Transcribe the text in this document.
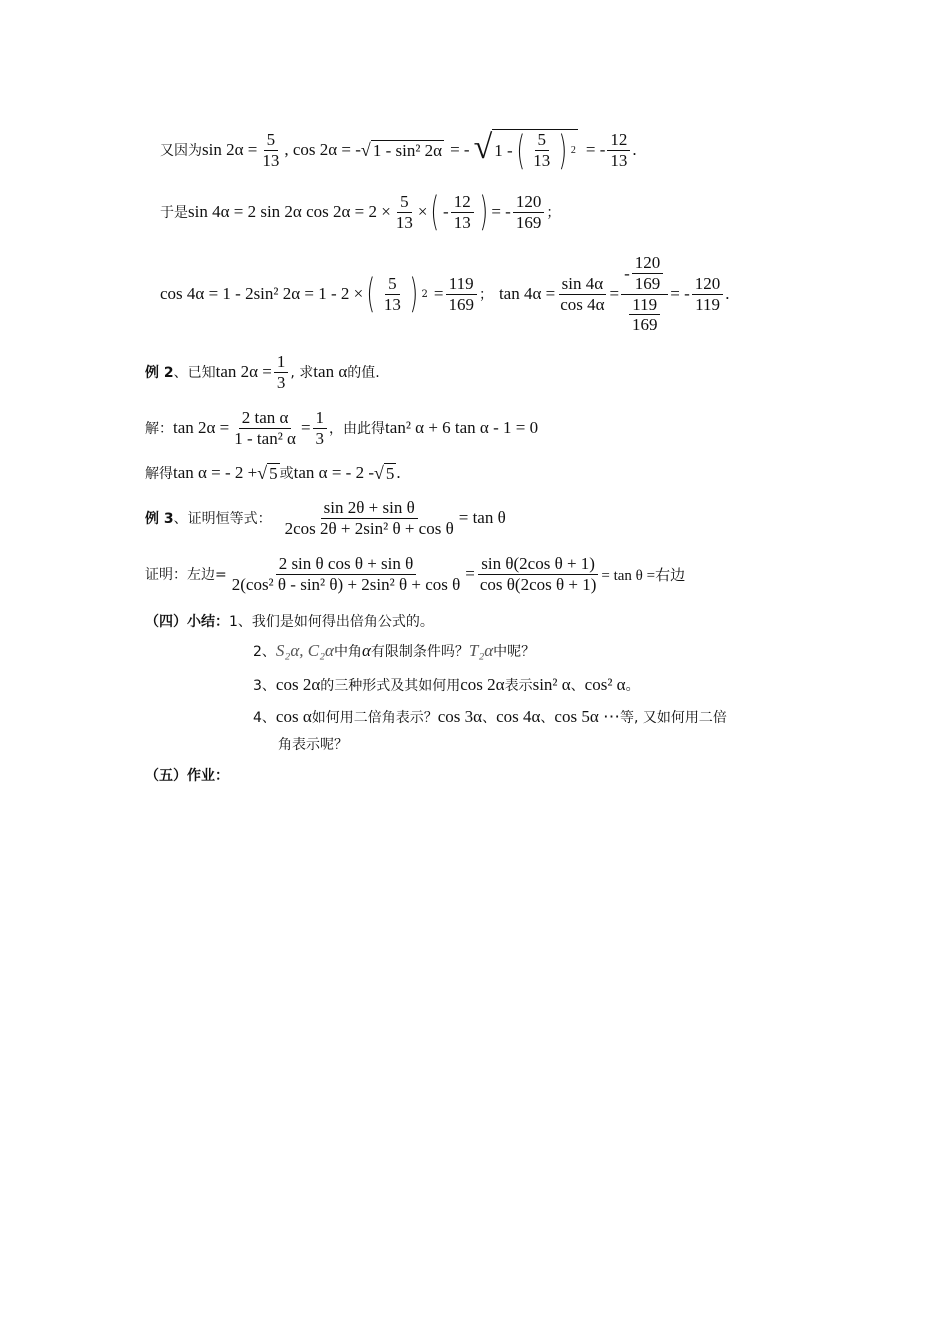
又因为 $\sin 2\alpha = \frac{5}{13}$ , cos 2α = - √ 1 - sin² 2α = - √ 1 - ( $\frac{5}{13}$ ) 2 = - $\frac{12}{13}$ .
于是 sin 4α = 2 sin 2α $\cos 2\alpha = 2 \times \frac{5}{13}$ × ( - $\frac{12}{13}$ ) = - $\frac{120}{169}$ ；
cos 4α = 1 - 2sin² 2α = 1 - 2 × ( $\frac{5}{13}$ ) $2 = \frac{119}{169}$ ； $\tan 4\alpha = \frac{\sin 4\alpha}{\cos 4\alpha} = \frac{- \frac{120}{169}}{\frac{119}{169}}$ = - $\frac{120}{119}$ .
例 2 、已知 $\tan 2\alpha = \frac{1}{3}$ , 求 tan α 的值.
解： $\tan 2\alpha = \frac{\text{2 tan α}}{\text{1 - tan² α}} = \frac{1}{3}$ ，由此得 tan² α + 6 tan α - 1 = 0
解得 tan α = - 2 + √ 5 或 tan α = - 2 - √ 5 .
例 3 、证明恒等式： $\frac{\text{sin 2θ + sin θ}}{\text{2cos 2θ + 2sin² θ + cos θ}} = \tan \theta$
证明：左边= $\frac{\text{2 sin θ cos θ + sin θ}}{\text{2(cos² θ - sin² θ) + 2sin² θ + cos θ}} = \frac{\text{sin θ(2cos θ + 1)}}{\text{cos θ(2cos θ + 1)}} = \tan \theta$ =右边
（四）小结： 1、我们是如何得出倍角公式的。
2、 S₂α, C₂α 中角 α 有限制条件吗？ T₂α 中呢？
3、 cos 2α 的三种形式及其如何用 cos 2α 表示 sin² α 、 cos² α 。
4、 cos α 如何用二倍角表示？ cos 3α 、 cos 4α 、 cos 5α ⋯ 等, 又如何用二倍
角表示呢？
（五）作业：
